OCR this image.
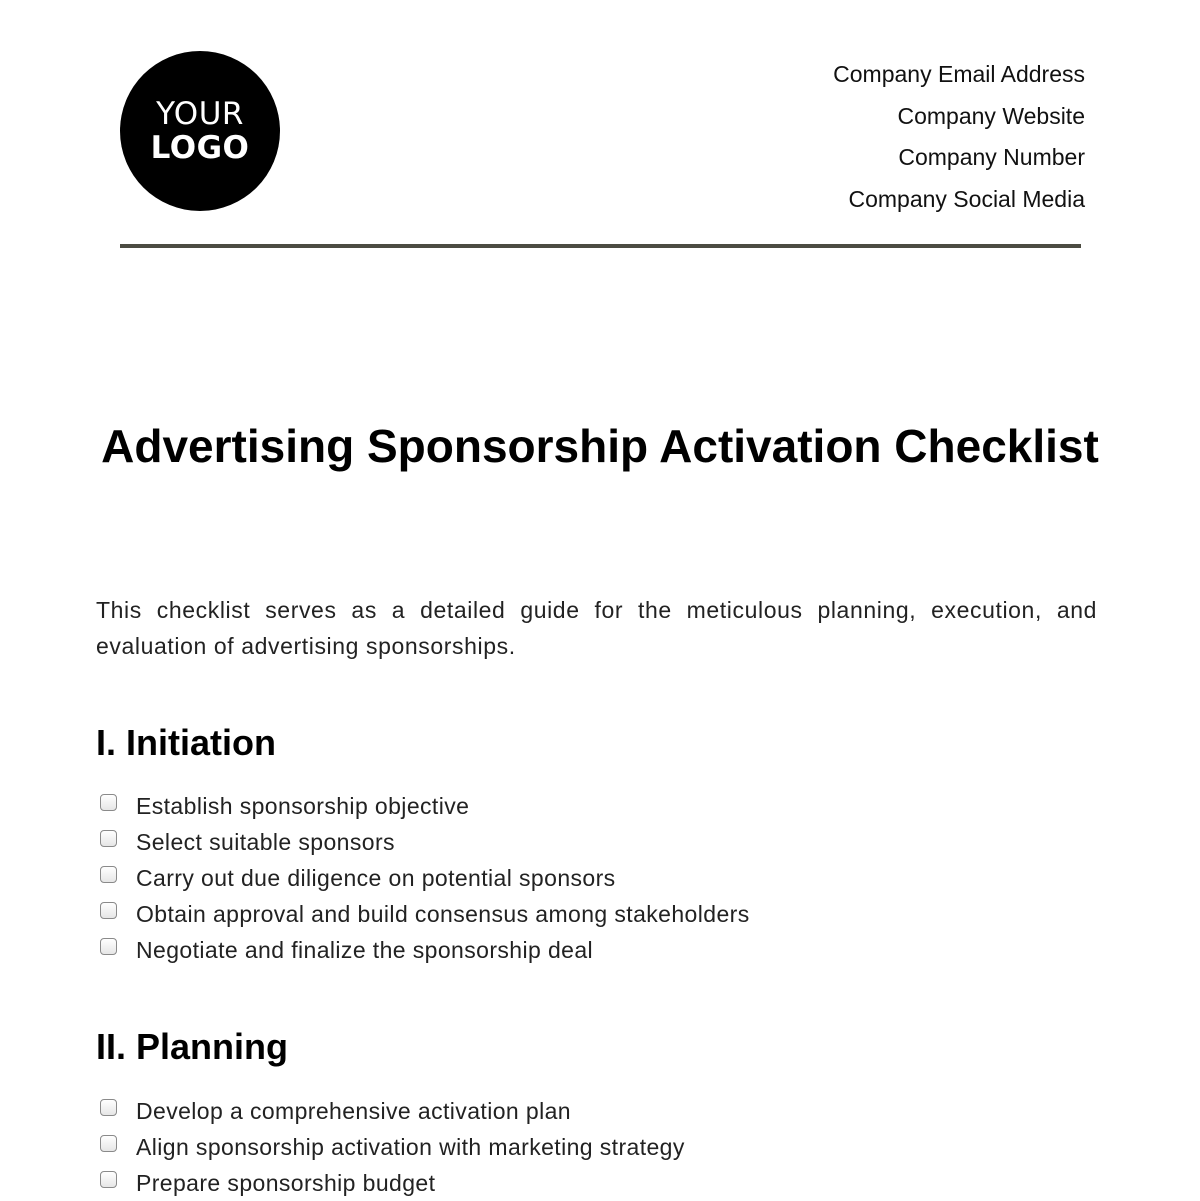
YOUR
LOGO
Company Email Address
Company Website
Company Number
Company Social Media
Advertising Sponsorship Activation Checklist

This checklist serves as a detailed guide for the meticulous planning, execution, and evaluation of advertising sponsorships.

I. Initiation
Establish sponsorship objective
Select suitable sponsors
Carry out due diligence on potential sponsors
Obtain approval and build consensus among stakeholders
Negotiate and finalize the sponsorship deal
II. Planning
Develop a comprehensive activation plan
Align sponsorship activation with marketing strategy
Prepare sponsorship budget
